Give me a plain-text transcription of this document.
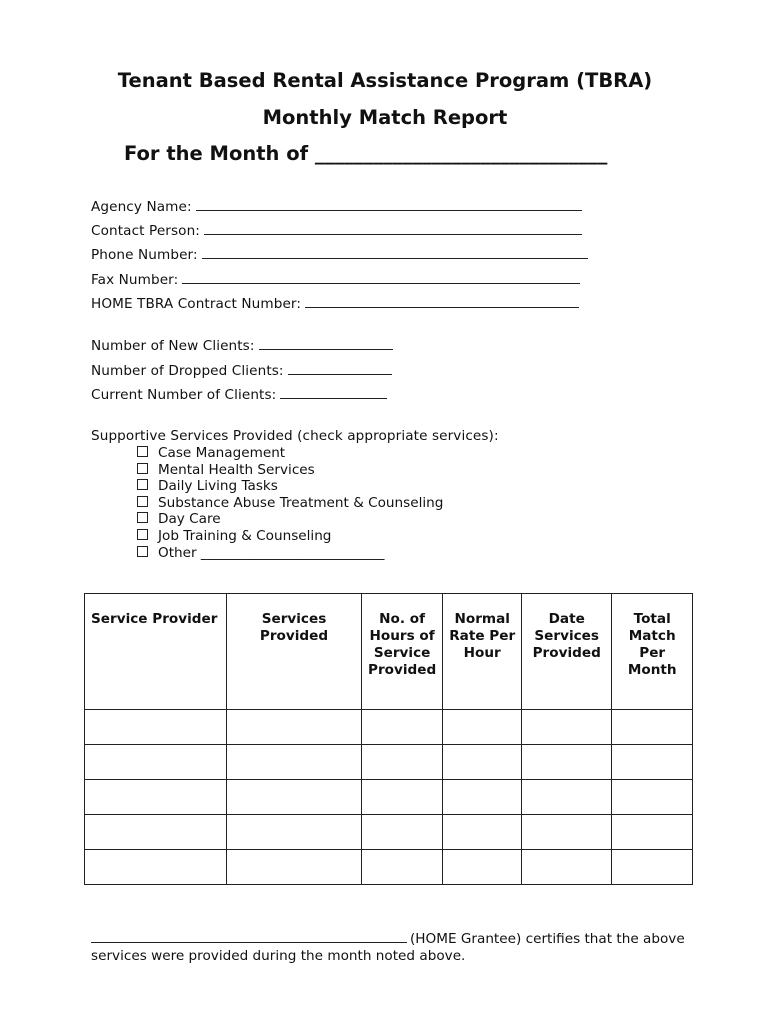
Tenant Based Rental Assistance Program (TBRA)

Monthly Match Report

For the Month of ______________________________

Agency Name:
Contact Person:
Phone Number:
Fax Number:
HOME TBRA Contract Number:
Number of New Clients:
Number of Dropped Clients:
Current Number of Clients:
Supportive Services Provided (check appropriate services):
Case Management
Mental Health Services
Daily Living Tasks
Substance Abuse Treatment & Counseling
Day Care
Job Training & Counseling
Other ___________________________
Service Provider	Services Provided	No. of Hours of Service Provided	Normal Rate Per Hour	Date Services Provided	Total Match Per Month

(HOME Grantee) certifies that the above services were provided during the month noted above.
